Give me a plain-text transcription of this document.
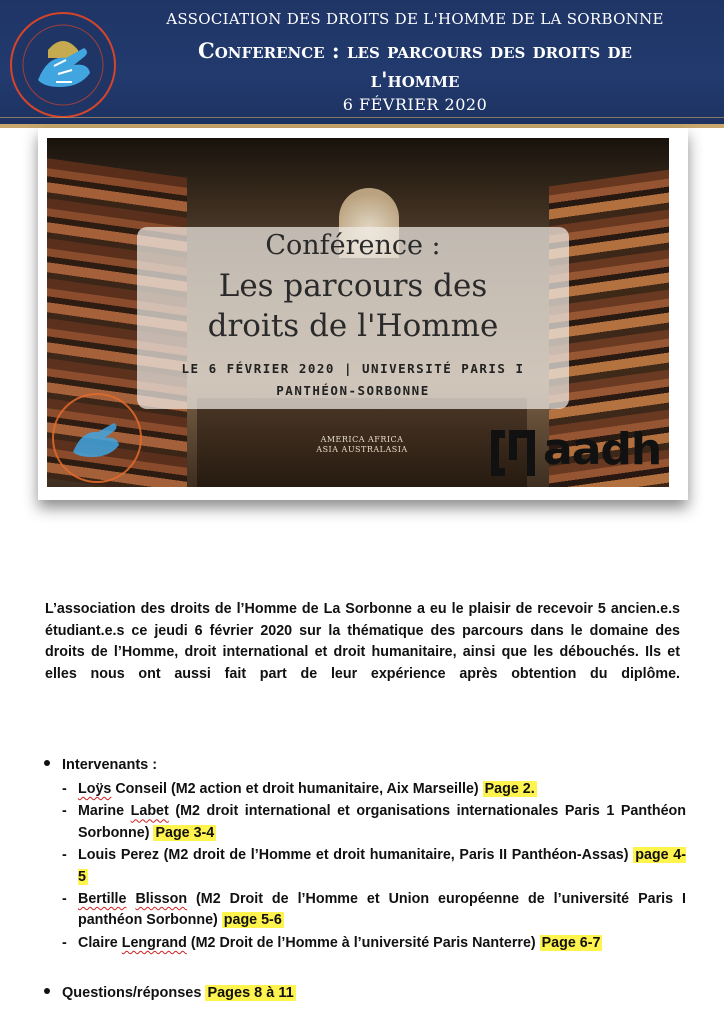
ASSOCIATION DES DROITS DE L'HOMME DE LA SORBONNE
Conference : les parcours des droits de
l'homme
6 FÉVRIER 2020
Conférence :
Les parcours des
droits de l'Homme
LE 6 FÉVRIER 2020 | UNIVERSITÉ PARIS I
PANTHÉON-SORBONNE
AMERICA AFRICA
ASIA AUSTRALASIA	aadh

L’association des droits de l’Homme de La Sorbonne a eu le plaisir de recevoir 5 ancien.e.s étudiant.e.s ce jeudi 6 février 2020 sur la thématique des parcours dans le domaine des droits de l’Homme, droit international et droit humanitaire, ainsi que les débouchés. Ils et elles nous ont aussi fait part de leur expérience après obtention du diplôme.

Intervenants :
- Loÿs Conseil (M2 action et droit humanitaire, Aix Marseille) Page 2.
- Marine Labet (M2 droit international et organisations internationales Paris 1 Panthéon Sorbonne) Page 3-4
- Louis Perez (M2 droit de l’Homme et droit humanitaire, Paris II Panthéon-Assas) page 4-5
- Bertille Blisson (M2 Droit de l’Homme et Union européenne de l’université Paris I panthéon Sorbonne) page 5-6
- Claire Lengrand (M2 Droit de l’Homme à l’université Paris Nanterre) Page 6-7
Questions/réponses Pages 8 à 11
